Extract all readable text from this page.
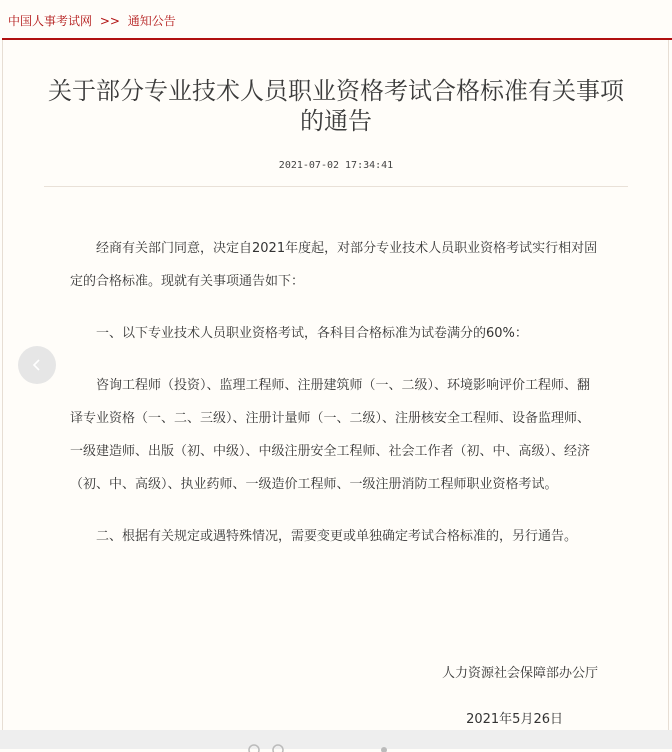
中国人事考试网 >> 通知公告
关于部分专业技术人员职业资格考试合格标准有关事项的通告
2021-07-02 17:34:41

经商有关部门同意，决定自2021年度起，对部分专业技术人员职业资格考试实行相对固定的合格标准。现就有关事项通告如下：

一、以下专业技术人员职业资格考试，各科目合格标准为试卷满分的60%：

咨询工程师（投资）、监理工程师、注册建筑师（一、二级）、环境影响评价工程师、翻译专业资格（一、二、三级）、注册计量师（一、二级）、注册核安全工程师、设备监理师、一级建造师、出版（初、中级）、中级注册安全工程师、社会工作者（初、中、高级）、经济（初、中、高级）、执业药师、一级造价工程师、一级注册消防工程师职业资格考试。

二、根据有关规定或遇特殊情况，需要变更或单独确定考试合格标准的，另行通告。

人力资源社会保障部办公厅
2021年5月26日
